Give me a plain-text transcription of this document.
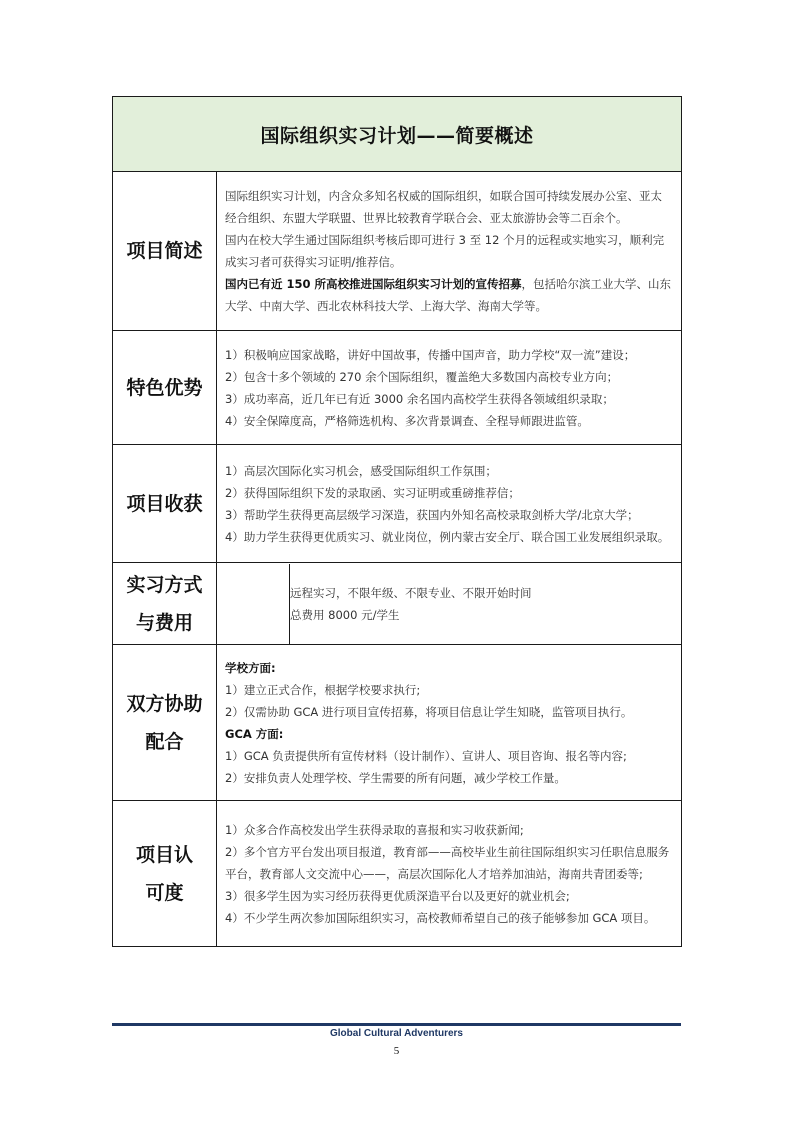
国际组织实习计划——简要概述
项目简述	
国际组织实习计划，内含众多知名权威的国际组织，如联合国可持续发展办公室、亚太经合组织、东盟大学联盟、世界比较教育学联合会、亚太旅游协会等二百余个。
国内在校大学生通过国际组织考核后即可进行 3 至 12 个月的远程或实地实习，顺利完成实习者可获得实习证明/推荐信。
国内已有近 150 所高校推进国际组织实习计划的宣传招募，包括哈尔滨工业大学、山东大学、中南大学、西北农林科技大学、上海大学、海南大学等。

特色优势	
1）积极响应国家战略，讲好中国故事，传播中国声音，助力学校“双一流”建设；
2）包含十多个领域的 270 余个国际组织，覆盖绝大多数国内高校专业方向；
3）成功率高，近几年已有近 3000 余名国内高校学生获得各领域组织录取；
4）安全保障度高，严格筛选机构、多次背景调查、全程导师跟进监管。

项目收获	
1）高层次国际化实习机会，感受国际组织工作氛围；
2）获得国际组织下发的录取函、实习证明或重磅推荐信；
3）帮助学生获得更高层级学习深造，获国内外知名高校录取剑桥大学/北京大学；
4）助力学生获得更优质实习、就业岗位，例内蒙古安全厅、联合国工业发展组织录取。

实习方式
与费用

远程实习，不限年级、不限专业、不限开始时间
总费用 8000 元/学生

双方协助
配合

学校方面:
1）建立正式合作，根据学校要求执行;
2）仅需协助 GCA 进行项目宣传招募，将项目信息让学生知晓，监管项目执行。
GCA 方面:
1）GCA 负责提供所有宣传材料（设计制作）、宣讲人、项目咨询、报名等内容;
2）安排负责人处理学校、学生需要的所有问题，减少学校工作量。

项目认
可度

1）众多合作高校发出学生获得录取的喜报和实习收获新闻;
2）多个官方平台发出项目报道，教育部——高校毕业生前往国际组织实习任职信息服务平台，教育部人文交流中心——，高层次国际化人才培养加油站，海南共青团委等;
3）很多学生因为实习经历获得更优质深造平台以及更好的就业机会;
4）不少学生两次参加国际组织实习，高校教师希望自己的孩子能够参加 GCA 项目。
Global Cultural Adventurers
5
